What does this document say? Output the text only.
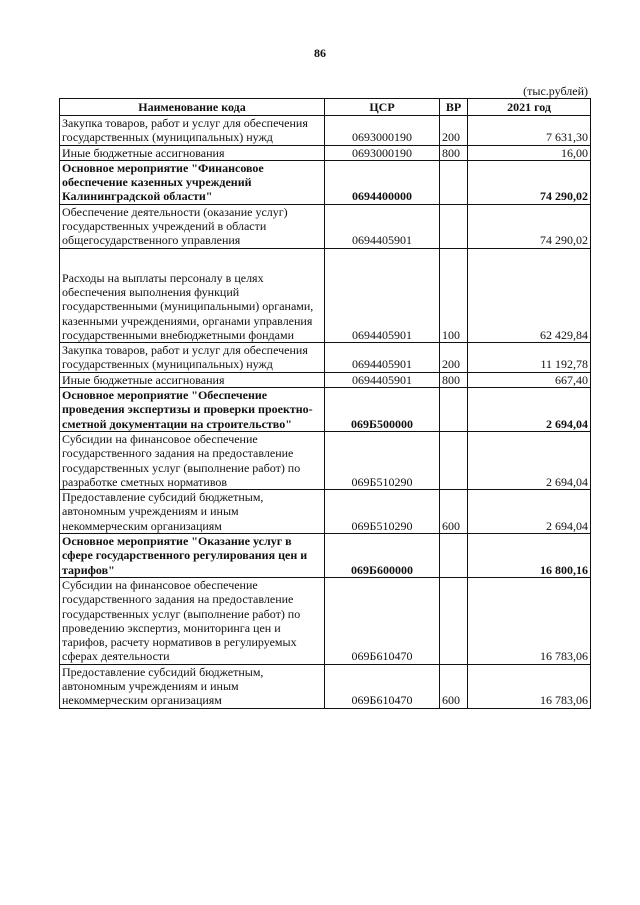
86
(тыс.рублей)
Наименование кода	ЦСР	ВР	2021 год
Закупка товаров, работ и услуг для обеспечения государственных (муниципальных) нужд	0693000190	200	7 631,30
Иные бюджетные ассигнования	0693000190	800	16,00
Основное мероприятие "Финансовое обеспечение казенных учреждений Калининградской области"	0694400000		74 290,02
Обеспечение деятельности (оказание услуг) государственных учреждений в области общегосударственного управления	0694405901		74 290,02
Расходы на выплаты персоналу в целях обеспечения выполнения функций государственными (муниципальными) органами, казенными учреждениями, органами управления государственными внебюджетными фондами	0694405901	100	62 429,84
Закупка товаров, работ и услуг для обеспечения государственных (муниципальных) нужд	0694405901	200	11 192,78
Иные бюджетные ассигнования	0694405901	800	667,40
Основное мероприятие "Обеспечение проведения экспертизы и проверки проектно-сметной документации на строительство"	069Б500000		2 694,04
Субсидии на финансовое обеспечение государственного задания на предоставление государственных услуг (выполнение работ) по разработке сметных нормативов	069Б510290		2 694,04
Предоставление субсидий бюджетным, автономным учреждениям и иным некоммерческим организациям	069Б510290	600	2 694,04
Основное мероприятие "Оказание услуг в сфере государственного регулирования цен и тарифов"	069Б600000		16 800,16
Субсидии на финансовое обеспечение государственного задания на предоставление государственных услуг (выполнение работ) по проведению экспертиз, мониторинга цен и тарифов, расчету нормативов в регулируемых сферах деятельности	069Б610470		16 783,06
Предоставление субсидий бюджетным, автономным учреждениям и иным некоммерческим организациям	069Б610470	600	16 783,06
